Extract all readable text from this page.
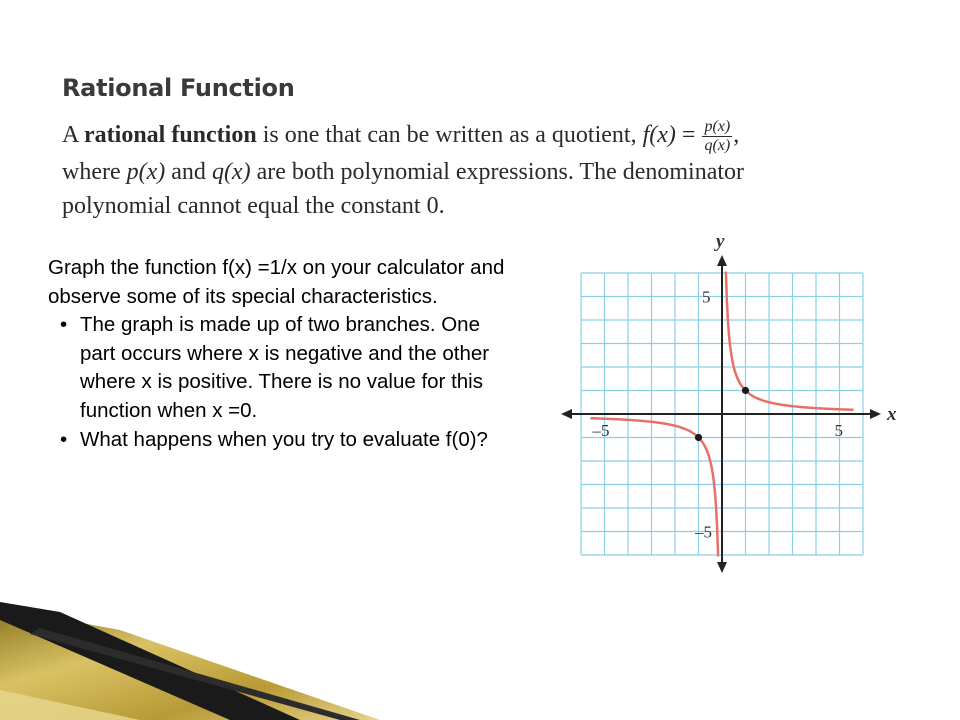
Rational Function
A rational function is one that can be written as a quotient, $f(x) = \frac{p(x)}{q(x)}$ ,
where p(x) and q(x) are both polynomial expressions. The denominator
polynomial cannot equal the constant 0.

Graph the function f(x) =1/x on your calculator and observe some of its special characteristics.

• The graph is made up of two branches. One part occurs where x is negative and the other where x is positive. There is no value for this function when x =0.

• What happens when you try to evaluate f(0)?	–5	5
5
–5
x
y
